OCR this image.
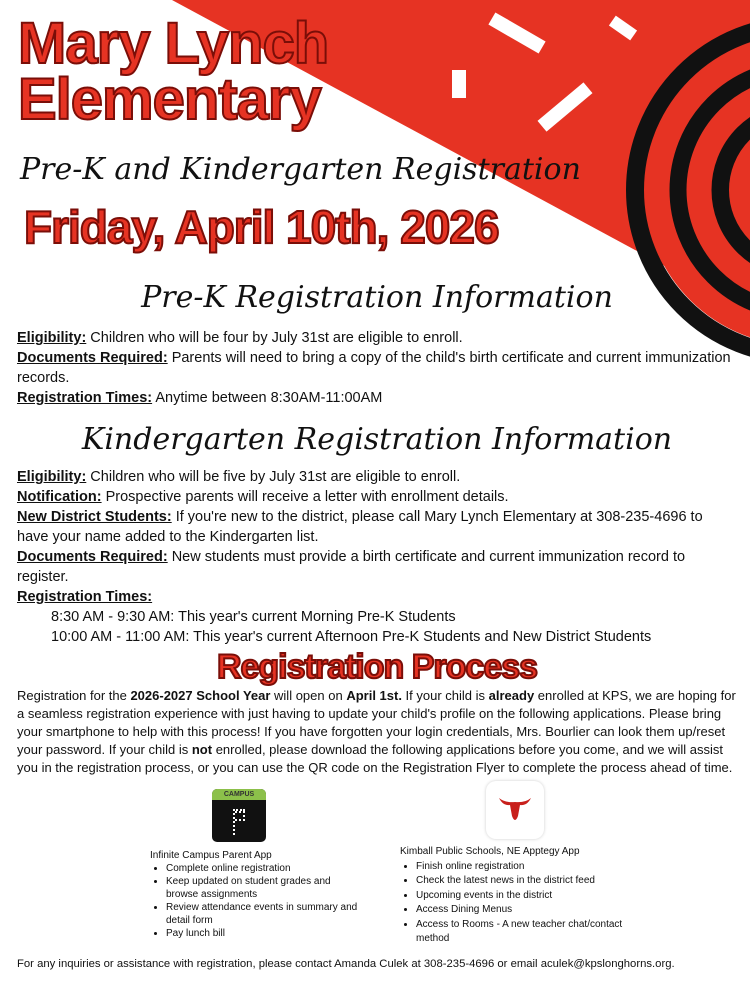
Mary Lynch
Elementary
Pre-K and Kindergarten Registration
Friday, April 10th, 2026
Pre-K Registration Information
Eligibility: Children who will be four by July 31st are eligible to enroll.
Documents Required: Parents will need to bring a copy of the child's birth certificate and current immunization records.
Registration Times: Anytime between 8:30AM-11:00AM
Kindergarten Registration Information
Eligibility: Children who will be five by July 31st are eligible to enroll.
Notification: Prospective parents will receive a letter with enrollment details.
New District Students: If you're new to the district, please call Mary Lynch Elementary at 308-235-4696 to have your name added to the Kindergarten list.
Documents Required: New students must provide a birth certificate and current immunization record to register.
Registration Times:
8:30 AM - 9:30 AM: This year's current Morning Pre-K Students
10:00 AM - 11:00 AM: This year's current Afternoon Pre-K Students and New District Students
Registration Process
Registration for the 2026-2027 School Year will open on April 1st. If your child is already enrolled at KPS, we are hoping for a seamless registration experience with just having to update your child's profile on the following applications. Please bring your smartphone to help with this process! If you have forgotten your login credentials, Mrs. Bourlier can look them up/reset your password. If your child is not enrolled, please download the following applications before you come, and we will assist you in the registration process, or you can use the QR code on the Registration Flyer to complete the process ahead of time.
CAMPUS
Infinite Campus Parent App
• Complete online registration
• Keep updated on student grades and browse assignments
• Review attendance events in summary and detail form
• Pay lunch bill
Kimball Public Schools, NE Apptegy App
• Finish online registration
• Check the latest news in the district feed
• Upcoming events in the district
• Access Dining Menus
• Access to Rooms - A new teacher chat/contact method
For any inquiries or assistance with registration, please contact Amanda Culek at 308-235-4696 or email aculek@kpslonghorns.org.
